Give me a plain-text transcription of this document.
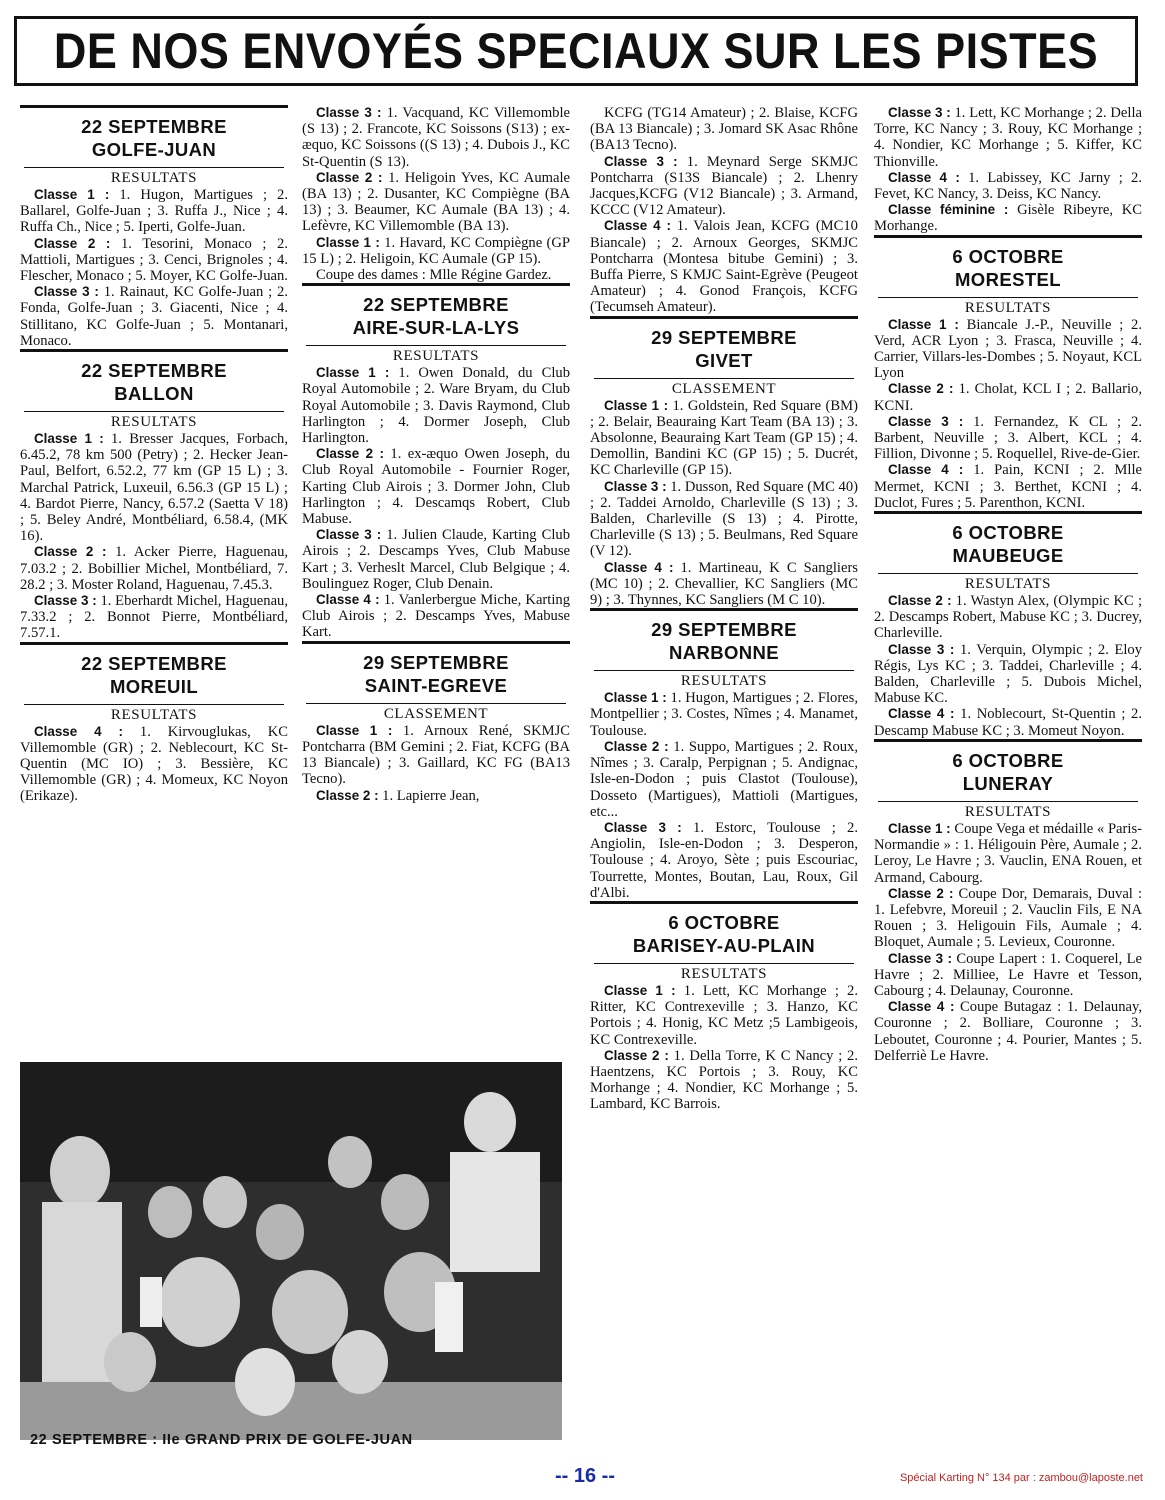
DE NOS ENVOYÉS SPECIAUX SUR LES PISTES
22 SEPTEMBRE
GOLFE-JUAN
RESULTATS

Classe 1 : 1. Hugon, Martigues ; 2. Ballarel, Golfe-Juan ; 3. Ruffa J., Nice ; 4. Ruffa Ch., Nice ; 5. Iperti, Golfe-Juan.

Classe 2 : 1. Tesorini, Monaco ; 2. Mattioli, Martigues ; 3. Cenci, Brignoles ; 4. Flescher, Monaco ; 5. Moyer, KC Golfe-Juan.

Classe 3 : 1. Rainaut, KC Golfe-Juan ; 2. Fonda, Golfe-Juan ; 3. Giacenti, Nice ; 4. Stillitano, KC Golfe-Juan ; 5. Montanari, Monaco.

22 SEPTEMBRE
BALLON
RESULTATS

Classe 1 : 1. Bresser Jacques, Forbach, 6.45.2, 78 km 500 (Petry) ; 2. Hecker Jean-Paul, Belfort, 6.52.2, 77 km (GP 15 L) ; 3. Marchal Patrick, Luxeuil, 6.56.3 (GP 15 L) ; 4. Bardot Pierre, Nancy, 6.57.2 (Saetta V 18) ; 5. Beley André, Montbéliard, 6.58.4, (MK 16).

Classe 2 : 1. Acker Pierre, Haguenau, 7.03.2 ; 2. Bobillier Michel, Montbéliard, 7. 28.2 ; 3. Moster Roland, Haguenau, 7.45.3.

Classe 3 : 1. Eberhardt Michel, Haguenau, 7.33.2 ; 2. Bonnot Pierre, Montbéliard, 7.57.1.

22 SEPTEMBRE
MOREUIL
RESULTATS

Classe 4 : 1. Kirvouglukas, KC Villemomble (GR) ; 2. Neblecourt, KC St-Quentin (MC IO) ; 3. Bessière, KC Villemomble (GR) ; 4. Momeux, KC Noyon (Erikaze).

Classe 3 : 1. Vacquand, KC Villemomble (S 13) ; 2. Francote, KC Soissons (S13) ; ex-æquo, KC Soissons ((S 13) ; 4. Dubois J., KC St-Quentin (S 13).

Classe 2 : 1. Heligoin Yves, KC Aumale (BA 13) ; 2. Dusanter, KC Compiègne (BA 13) ; 3. Beaumer, KC Aumale (BA 13) ; 4. Lefèvre, KC Villemomble (BA 13).

Classe 1 : 1. Havard, KC Compiègne (GP 15 L) ; 2. Heligoin, KC Aumale (GP 15).

Coupe des dames : Mlle Régine Gardez.

22 SEPTEMBRE
AIRE-SUR-LA-LYS
RESULTATS

Classe 1 : 1. Owen Donald, du Club Royal Automobile ; 2. Ware Bryam, du Club Royal Automobile ; 3. Davis Raymond, Club Harlington ; 4. Dormer Joseph, Club Harlington.

Classe 2 : 1. ex-æquo Owen Joseph, du Club Royal Automobile - Fournier Roger, Karting Club Airois ; 3. Dormer John, Club Harlington ; 4. Descamqs Robert, Club Mabuse.

Classe 3 : 1. Julien Claude, Karting Club Airois ; 2. Descamps Yves, Club Mabuse Kart ; 3. Verheslt Marcel, Club Belgique ; 4. Boulinguez Roger, Club Denain.

Classe 4 : 1. Vanlerbergue Miche, Karting Club Airois ; 2. Descamps Yves, Mabuse Kart.

29 SEPTEMBRE
SAINT-EGREVE
CLASSEMENT

Classe 1 : 1. Arnoux René, SKMJC Pontcharra (BM Gemini ; 2. Fiat, KCFG (BA 13 Biancale) ; 3. Gaillard, KC FG (BA13 Tecno).

Classe 2 : 1. Lapierre Jean,

KCFG (TG14 Amateur) ; 2. Blaise, KCFG (BA 13 Biancale) ; 3. Jomard SK Asac Rhône (BA13 Tecno).

Classe 3 : 1. Meynard Serge SKMJC Pontcharra (S13S Biancale) ; 2. Lhenry Jacques,KCFG (V12 Biancale) ; 3. Armand, KCCC (V12 Amateur).

Classe 4 : 1. Valois Jean, KCFG (MC10 Biancale) ; 2. Arnoux Georges, SKMJC Pontcharra (Montesa bitube Gemini) ; 3. Buffa Pierre, S KMJC Saint-Egrève (Peugeot Amateur) ; 4. Gonod François, KCFG (Tecumseh Amateur).

29 SEPTEMBRE
GIVET
CLASSEMENT

Classe 1 : 1. Goldstein, Red Square (BM) ; 2. Belair, Beauraing Kart Team (BA 13) ; 3. Absolonne, Beauraing Kart Team (GP 15) ; 4. Demollin, Bandini KC (GP 15) ; 5. Ducrét, KC Charleville (GP 15).

Classe 3 : 1. Dusson, Red Square (MC 40) ; 2. Taddei Arnoldo, Charleville (S 13) ; 3. Balden, Charleville (S 13) ; 4. Pirotte, Charleville (S 13) ; 5. Beulmans, Red Square (V 12).

Classe 4 : 1. Martineau, K C Sangliers (MC 10) ; 2. Chevallier, KC Sangliers (MC 9) ; 3. Thynnes, KC Sangliers (M C 10).

29 SEPTEMBRE
NARBONNE
RESULTATS

Classe 1 : 1. Hugon, Martigues ; 2. Flores, Montpellier ; 3. Costes, Nîmes ; 4. Manamet, Toulouse.

Classe 2 : 1. Suppo, Martigues ; 2. Roux, Nîmes ; 3. Caralp, Perpignan ; 5. Andignac, Isle-en-Dodon ; puis Clastot (Toulouse), Dosseto (Martigues), Mattioli (Martigues, etc...

Classe 3 : 1. Estorc, Toulouse ; 2. Angiolin, Isle-en-Dodon ; 3. Desperon, Toulouse ; 4. Aroyo, Sète ; puis Escouriac, Tourrette, Montes, Boutan, Lau, Roux, Gil d'Albi.

6 OCTOBRE
BARISEY-AU-PLAIN
RESULTATS

Classe 1 : 1. Lett, KC Morhange ; 2. Ritter, KC Contrexeville ; 3. Hanzo, KC Portois ; 4. Honig, KC Metz ;5 Lambigeois, KC Contrexeville.

Classe 2 : 1. Della Torre, K C Nancy ; 2. Haentzens, KC Portois ; 3. Rouy, KC Morhange ; 4. Nondier, KC Morhange ; 5. Lambard, KC Barrois.

Classe 3 : 1. Lett, KC Morhange ; 2. Della Torre, KC Nancy ; 3. Rouy, KC Morhange ; 4. Nondier, KC Morhange ; 5. Kiffer, KC Thionville.

Classe 4 : 1. Labissey, KC Jarny ; 2. Fevet, KC Nancy, 3. Deiss, KC Nancy.

Classe féminine : Gisèle Ribeyre, KC Morhange.

6 OCTOBRE
MORESTEL
RESULTATS

Classe 1 : Biancale J.-P., Neuville ; 2. Verd, ACR Lyon ; 3. Frasca, Neuville ; 4. Carrier, Villars-les-Dombes ; 5. Noyaut, KCL Lyon

Classe 2 : 1. Cholat, KCL I ; 2. Ballario, KCNI.

Classe 3 : 1. Fernandez, K CL ; 2. Barbent, Neuville ; 3. Albert, KCL ; 4. Fillion, Divonne ; 5. Roquellel, Rive-de-Gier.

Classe 4 : 1. Pain, KCNI ; 2. Mlle Mermet, KCNI ; 3. Berthet, KCNI ; 4. Duclot, Fures ; 5. Parenthon, KCNI.

6 OCTOBRE
MAUBEUGE
RESULTATS

Classe 2 : 1. Wastyn Alex, (Olympic KC ; 2. Descamps Robert, Mabuse KC ; 3. Ducrey, Charleville.

Classe 3 : 1. Verquin, Olympic ; 2. Eloy Régis, Lys KC ; 3. Taddei, Charleville ; 4. Balden, Charleville ; 5. Dubois Michel, Mabuse KC.

Classe 4 : 1. Noblecourt, St-Quentin ; 2. Descamp Mabuse KC ; 3. Momeut Noyon.

6 OCTOBRE
LUNERAY
RESULTATS

Classe 1 : Coupe Vega et médaille « Paris-Normandie » : 1. Héligouin Père, Aumale ; 2. Leroy, Le Havre ; 3. Vauclin, ENA Rouen, et Armand, Cabourg.

Classe 2 : Coupe Dor, Demarais, Duval : 1. Lefebvre, Moreuil ; 2. Vauclin Fils, E NA Rouen ; 3. Heligouin Fils, Aumale ; 4. Bloquet, Aumale ; 5. Levieux, Couronne.

Classe 3 : Coupe Lapert : 1. Coquerel, Le Havre ; 2. Milliee, Le Havre et Tesson, Cabourg ; 4. Delaunay, Couronne.

Classe 4 : Coupe Butagaz : 1. Delaunay, Couronne ; 2. Bolliare, Couronne ; 3. Leboutet, Couronne ; 4. Pourier, Mantes ; 5. Delferriè Le Havre.

22 SEPTEMBRE : IIe GRAND PRIX DE GOLFE-JUAN
-- 16 --	Spécial Karting N° 134 par : zambou@laposte.net
